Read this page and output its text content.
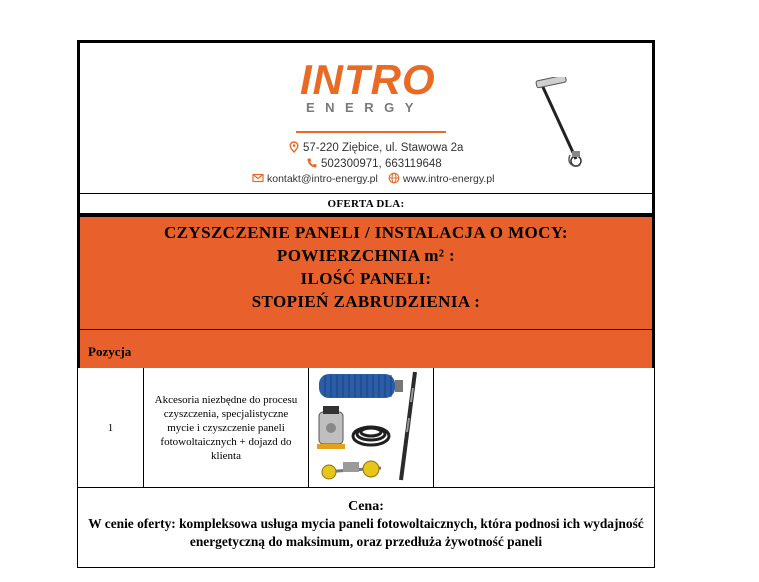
INTRO
ENERGY
57-220 Ziębice, ul. Stawowa 2a
502300971, 663119648
kontakt@intro-energy.pl	www.intro-energy.pl
OFERTA DLA:
CZYSZCZENIE PANELI / INSTALACJA O MOCY:
POWIERZCHNIA m² :
ILOŚĆ PANELI:
STOPIEŃ ZABRUDZIENIA :
Pozycja
1
Akcesoria niezbędne do procesu czyszczenia, specjalistyczne mycie i czyszczenie paneli fotowoltaicznych + dojazd do klienta
Cena:
W cenie oferty: kompleksowa usługa mycia paneli fotowoltaicznych, która podnosi ich wydajność energetyczną do maksimum, oraz przedłuża żywotność paneli
